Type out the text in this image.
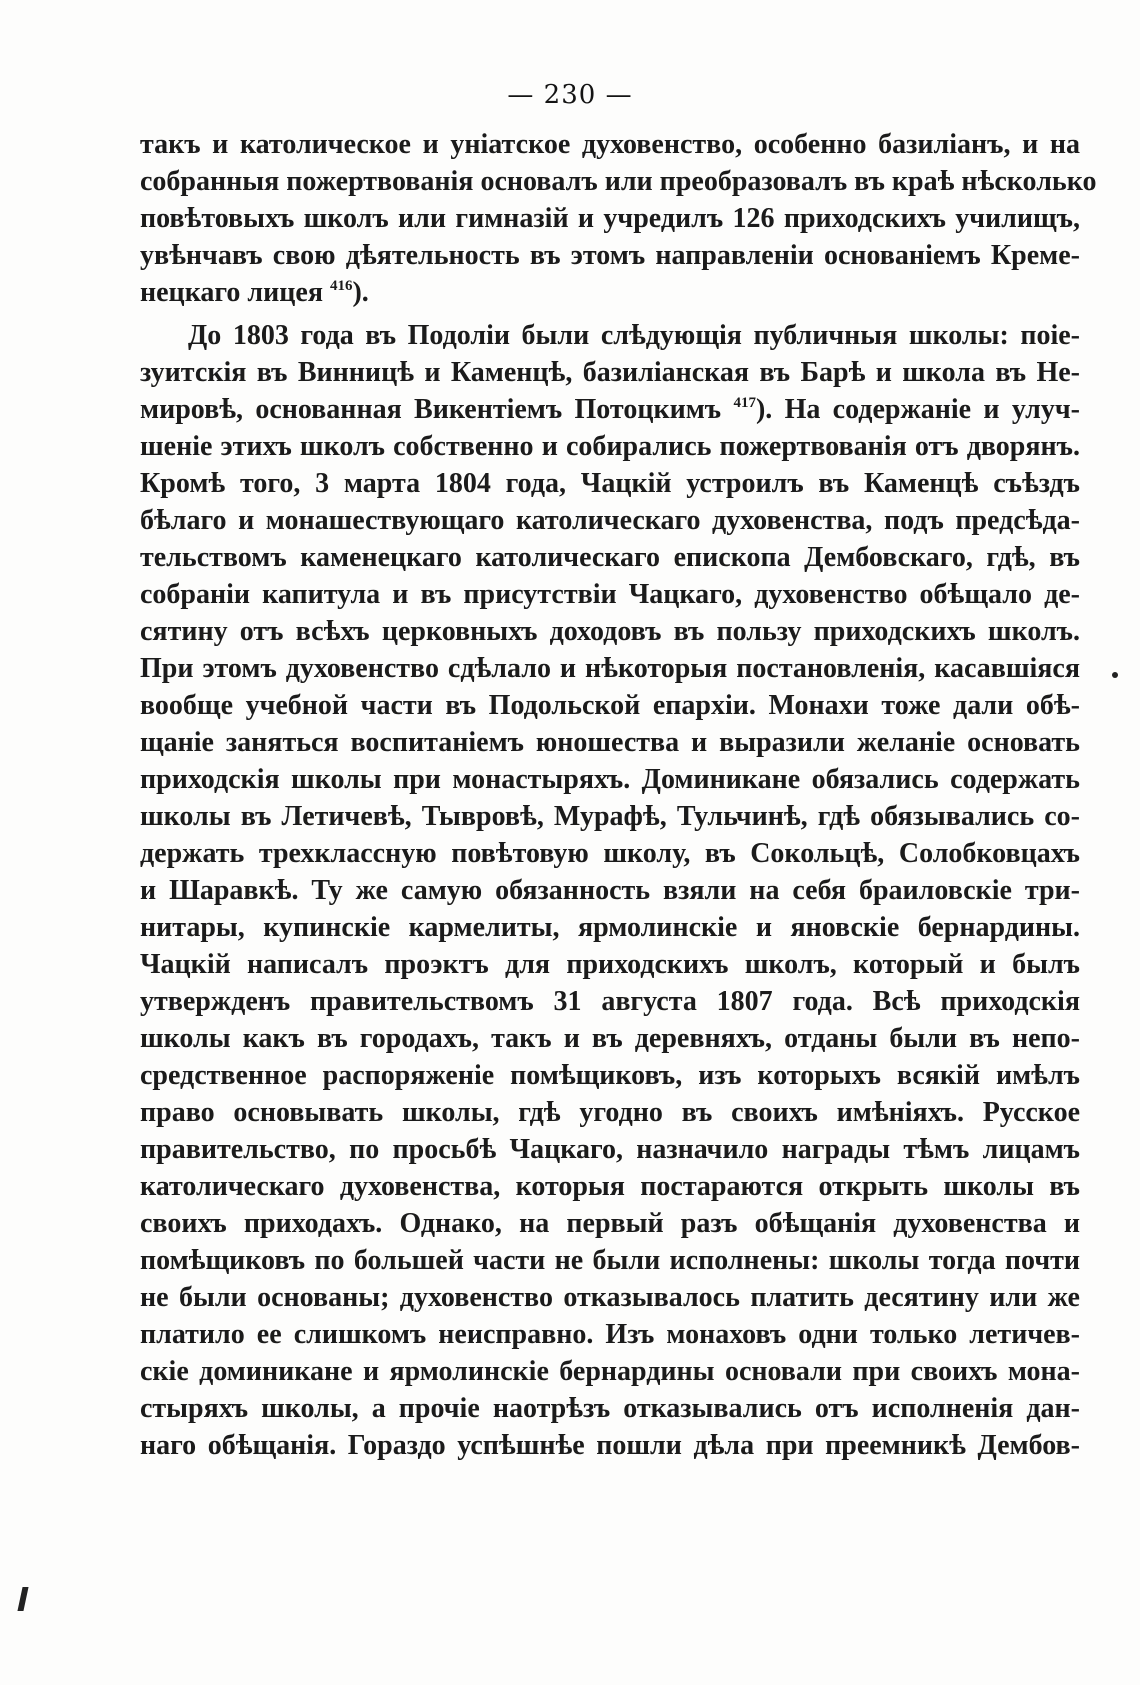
— 230 —
такъ и католическое и уніатское духовенство, особенно базиліанъ, и на
собранныя пожертвованія основалъ или преобразовалъ въ краѣ нѣсколько
повѣтовыхъ школъ или гимназій и учредилъ 126 приходскихъ училищъ,
увѣнчавъ свою дѣятельность въ этомъ направленіи основаніемъ Креме-
нецкаго лицея $^{416}$).
До 1803 года въ Подоліи были слѣдующія публичныя школы: поіе-
зуитскія въ Винницѣ и Каменцѣ, базиліанская въ Барѣ и школа въ Не-
мировѣ, основанная Викентіемъ Потоцкимъ $^{417}$). На содержаніе и улуч-
шеніе этихъ школъ собственно и собирались пожертвованія отъ дворянъ.
Кромѣ того, 3 марта 1804 года, Чацкій устроилъ въ Каменцѣ съѣздъ
бѣлаго и монашествующаго католическаго духовенства, подъ предсѣда-
тельствомъ каменецкаго католическаго епископа Дембовскаго, гдѣ, въ
собраніи капитула и въ присутствіи Чацкаго, духовенство обѣщало де-
сятину отъ всѣхъ церковныхъ доходовъ въ пользу приходскихъ школъ.
При этомъ духовенство сдѣлало и нѣкоторыя постановленія, касавшіяся
вообще учебной части въ Подольской епархіи. Монахи тоже дали обѣ-
щаніе заняться воспитаніемъ юношества и выразили желаніе основать
приходскія школы при монастыряхъ. Доминикане обязались содержать
школы въ Летичевѣ, Тывровѣ, Мурафѣ, Тульчинѣ, гдѣ обязывались со-
держать трехклассную повѣтовую школу, въ Сокольцѣ, Солобковцахъ
и Шаравкѣ. Ту же самую обязанность взяли на себя браиловскіе три-
нитары, купинскіе кармелиты, ярмолинскіе и яновскіе бернардины.
Чацкій написалъ проэктъ для приходскихъ школъ, который и былъ
утвержденъ правительствомъ 31 августа 1807 года. Всѣ приходскія
школы какъ въ городахъ, такъ и въ деревняхъ, отданы были въ непо-
средственное распоряженіе помѣщиковъ, изъ которыхъ всякій имѣлъ
право основывать школы, гдѣ угодно въ своихъ имѣніяхъ. Русское
правительство, по просьбѣ Чацкаго, назначило награды тѣмъ лицамъ
католическаго духовенства, которыя постараются открыть школы въ
своихъ приходахъ. Однако, на первый разъ обѣщанія духовенства и
помѣщиковъ по большей части не были исполнены: школы тогда почти
не были основаны; духовенство отказывалось платить десятину или же
платило ее слишкомъ неисправно. Изъ монаховъ одни только летичев-
скіе доминикане и ярмолинскіе бернардины основали при своихъ мона-
стыряхъ школы, а прочіе наотрѣзъ отказывались отъ исполненія дан-
наго обѣщанія. Гораздо успѣшнѣе пошли дѣла при преемникѣ Дембов-
